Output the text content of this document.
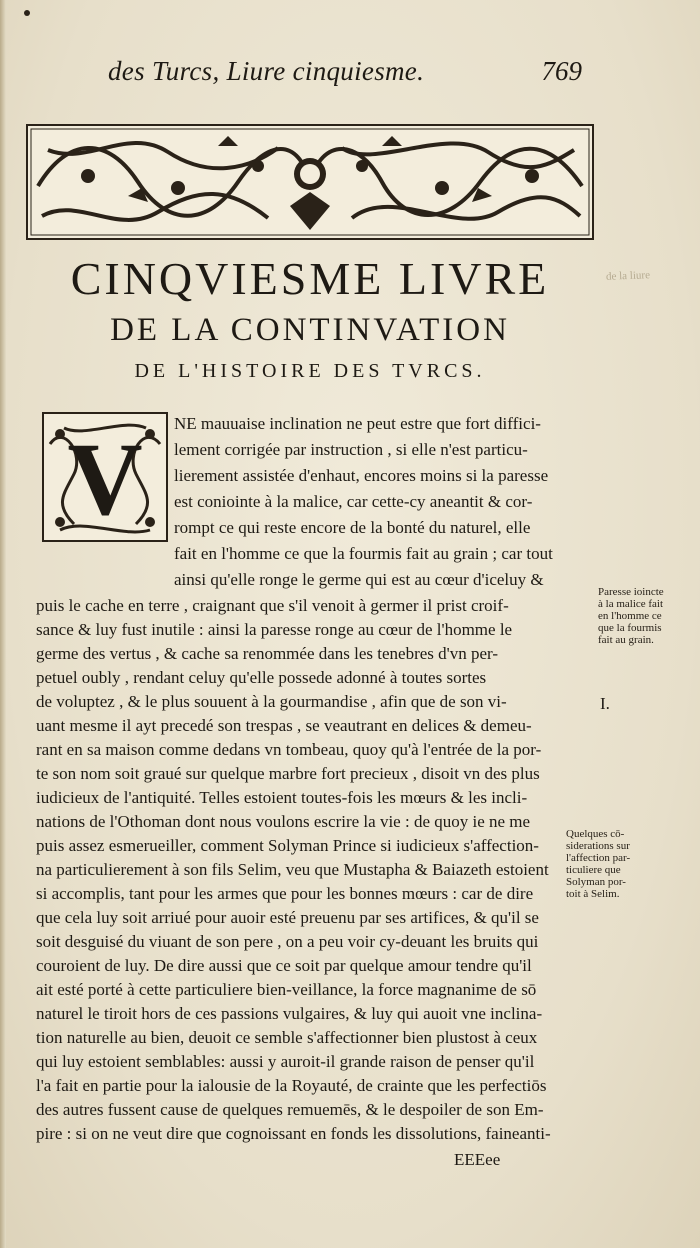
des Turcs, Liure cinquiesme.	769
CINQVIESME LIVRE
DE LA CONTINVATION
DE L'HISTOIRE DES TVRCS.
de la liure
V NE mauuaise inclination ne peut estre que fort diffici-
lement corrigée par instruction , si elle n'est particu-
lierement assistée d'enhaut, encores moins si la paresse
est coniointe à la malice, car cette-cy aneantit & cor-
rompt ce qui reste encore de la bonté du naturel, elle
fait en l'homme ce que la fourmis fait au grain ; car tout
ainsi qu'elle ronge le germe qui est au cœur d'iceluy &
puis le cache en terre , craignant que s'il venoit à germer il prist croif-
sance & luy fust inutile : ainsi la paresse ronge au cœur de l'homme le
germe des vertus , & cache sa renommée dans les tenebres d'vn per-
petuel oubly , rendant celuy qu'elle possede adonné à toutes sortes
de voluptez , & le plus souuent à la gourmandise , afin que de son vi-
uant mesme il ayt precedé son trespas , se veautrant en delices & demeu-
rant en sa maison comme dedans vn tombeau, quoy qu'à l'entrée de la por-
te son nom soit graué sur quelque marbre fort precieux , disoit vn des plus
iudicieux de l'antiquité. Telles estoient toutes-fois les mœurs & les incli-
nations de l'Othoman dont nous voulons escrire la vie : de quoy ie ne me
puis assez esmerueiller, comment Solyman Prince si iudicieux s'affection-
na particulierement à son fils Selim, veu que Mustapha & Baiazeth estoient
si accomplis, tant pour les armes que pour les bonnes mœurs : car de dire
que cela luy soit arriué pour auoir esté preuenu par ses artifices, & qu'il se
soit desguisé du viuant de son pere , on a peu voir cy-deuant les bruits qui
couroient de luy. De dire aussi que ce soit par quelque amour tendre qu'il
ait esté porté à cette particuliere bien-veillance, la force magnanime de sō
naturel le tiroit hors de ces passions vulgaires, & luy qui auoit vne inclina-
tion naturelle au bien, deuoit ce semble s'affectionner bien plustost à ceux
qui luy estoient semblables: aussi y auroit-il grande raison de penser qu'il
l'a fait en partie pour la ialousie de la Royauté, de crainte que les perfectiōs
des autres fussent cause de quelques remuemēs, & le despoiler de son Em-
pire : si on ne veut dire que cognoissant en fonds les dissolutions, faineanti-
Paresse ioincte
à la malice fait
en l'homme ce
que la fourmis
fait au grain.
I.
Quelques cō-
siderations sur
l'affection par-
ticuliere que
Solyman por-
toit à Selim.
EEEee
